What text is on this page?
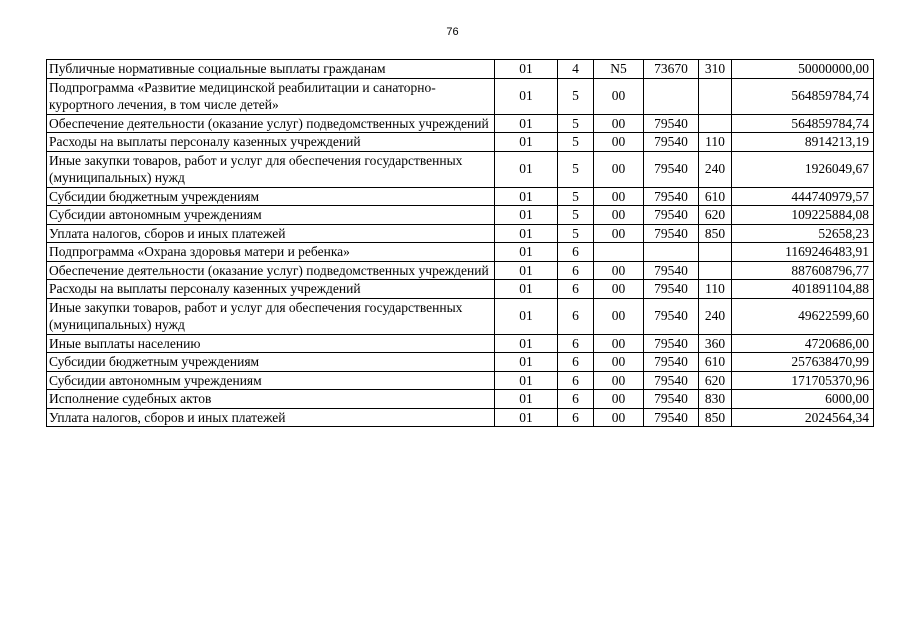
76
Публичные нормативные социальные выплаты гражданам	01	4	N5	73670	310	50000000,00
Подпрограмма «Развитие медицинской реабилитации и санаторно-курортного лечения, в том числе детей»	01	5	00			564859784,74
Обеспечение деятельности (оказание услуг) подведомственных учреждений	01	5	00	79540		564859784,74
Расходы на выплаты персоналу казенных учреждений	01	5	00	79540	110	8914213,19
Иные закупки товаров, работ и услуг для обеспечения государственных (муниципальных) нужд	01	5	00	79540	240	1926049,67
Субсидии бюджетным учреждениям	01	5	00	79540	610	444740979,57
Субсидии автономным учреждениям	01	5	00	79540	620	109225884,08
Уплата налогов, сборов и иных платежей	01	5	00	79540	850	52658,23
Подпрограмма «Охрана здоровья матери и ребенка»	01	6				1169246483,91
Обеспечение деятельности (оказание услуг) подведомственных учреждений	01	6	00	79540		887608796,77
Расходы на выплаты персоналу казенных учреждений	01	6	00	79540	110	401891104,88
Иные закупки товаров, работ и услуг для обеспечения государственных (муниципальных) нужд	01	6	00	79540	240	49622599,60
Иные выплаты населению	01	6	00	79540	360	4720686,00
Субсидии бюджетным учреждениям	01	6	00	79540	610	257638470,99
Субсидии автономным учреждениям	01	6	00	79540	620	171705370,96
Исполнение судебных актов	01	6	00	79540	830	6000,00
Уплата налогов, сборов и иных платежей	01	6	00	79540	850	2024564,34
